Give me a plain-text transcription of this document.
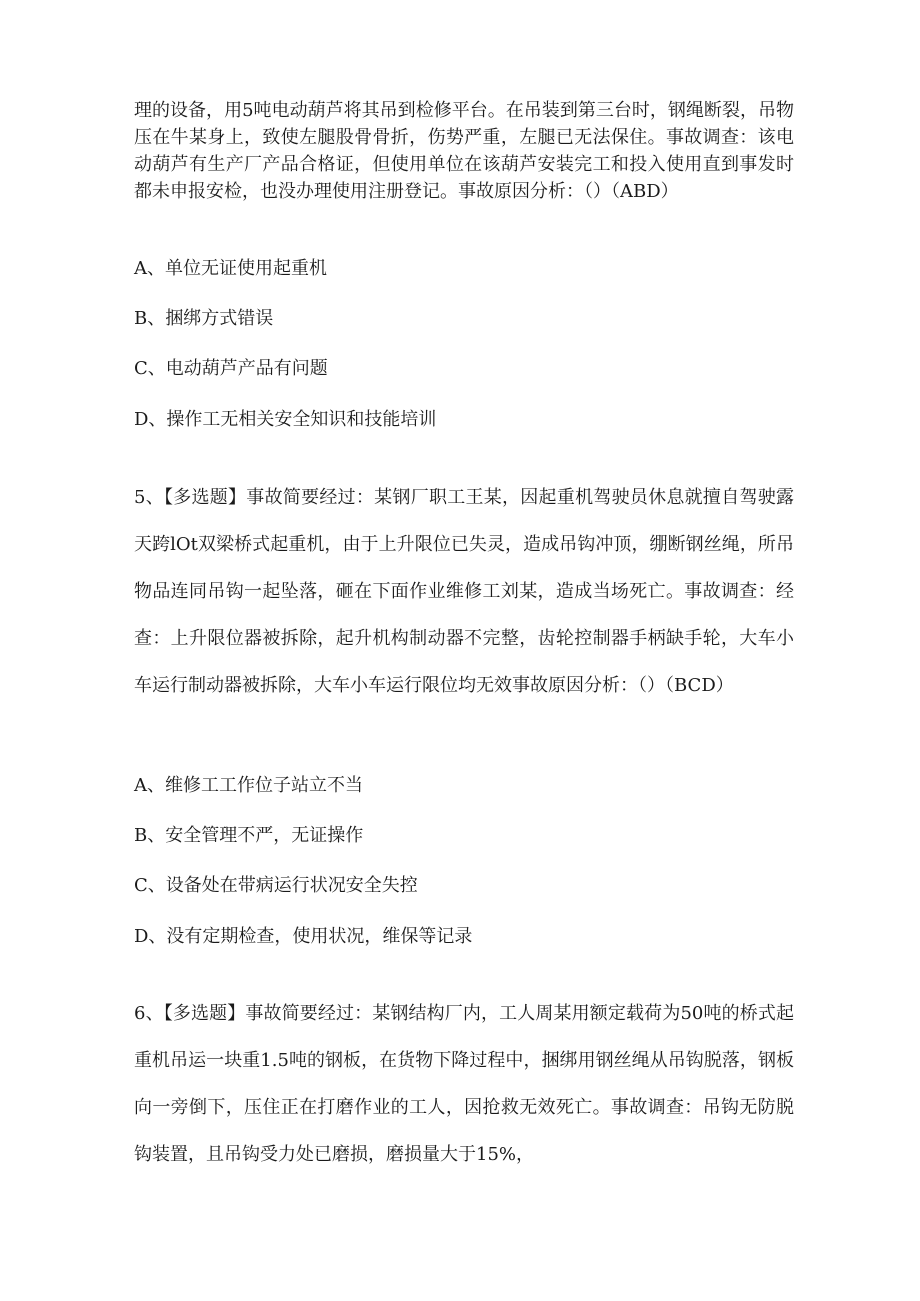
理的设备，用5吨电动葫芦将其吊到检修平台。在吊装到第三台时，钢绳断裂，吊物压在牛某身上，致使左腿股骨骨折，伤势严重，左腿已无法保住。事故调查：该电动葫芦有生产厂产品合格证，但使用单位在该葫芦安装完工和投入使用直到事发时都未申报安检，也没办理使用注册登记。事故原因分析：（）（ABD）

A、单位无证使用起重机

B、捆绑方式错误

C、电动葫芦产品有问题

D、操作工无相关安全知识和技能培训

5、【多选题】事故简要经过：某钢厂职工王某，因起重机驾驶员休息就擅自驾驶露天跨lOt双梁桥式起重机，由于上升限位已失灵，造成吊钩冲顶，绷断钢丝绳，所吊物品连同吊钩一起坠落，砸在下面作业维修工刘某，造成当场死亡。事故调查：经查：上升限位器被拆除，起升机构制动器不完整，齿轮控制器手柄缺手轮，大车小车运行制动器被拆除，大车小车运行限位均无效事故原因分析：（）（BCD）

A、维修工工作位子站立不当

B、安全管理不严，无证操作

C、设备处在带病运行状况安全失控

D、没有定期检查，使用状况，维保等记录

6、【多选题】事故简要经过：某钢结构厂内，工人周某用额定载荷为50吨的桥式起重机吊运一块重1.5吨的钢板，在货物下降过程中，捆绑用钢丝绳从吊钩脱落，钢板向一旁倒下，压住正在打磨作业的工人，因抢救无效死亡。事故调查：吊钩无防脱钩装置，且吊钩受力处已磨损，磨损量大于15%，
